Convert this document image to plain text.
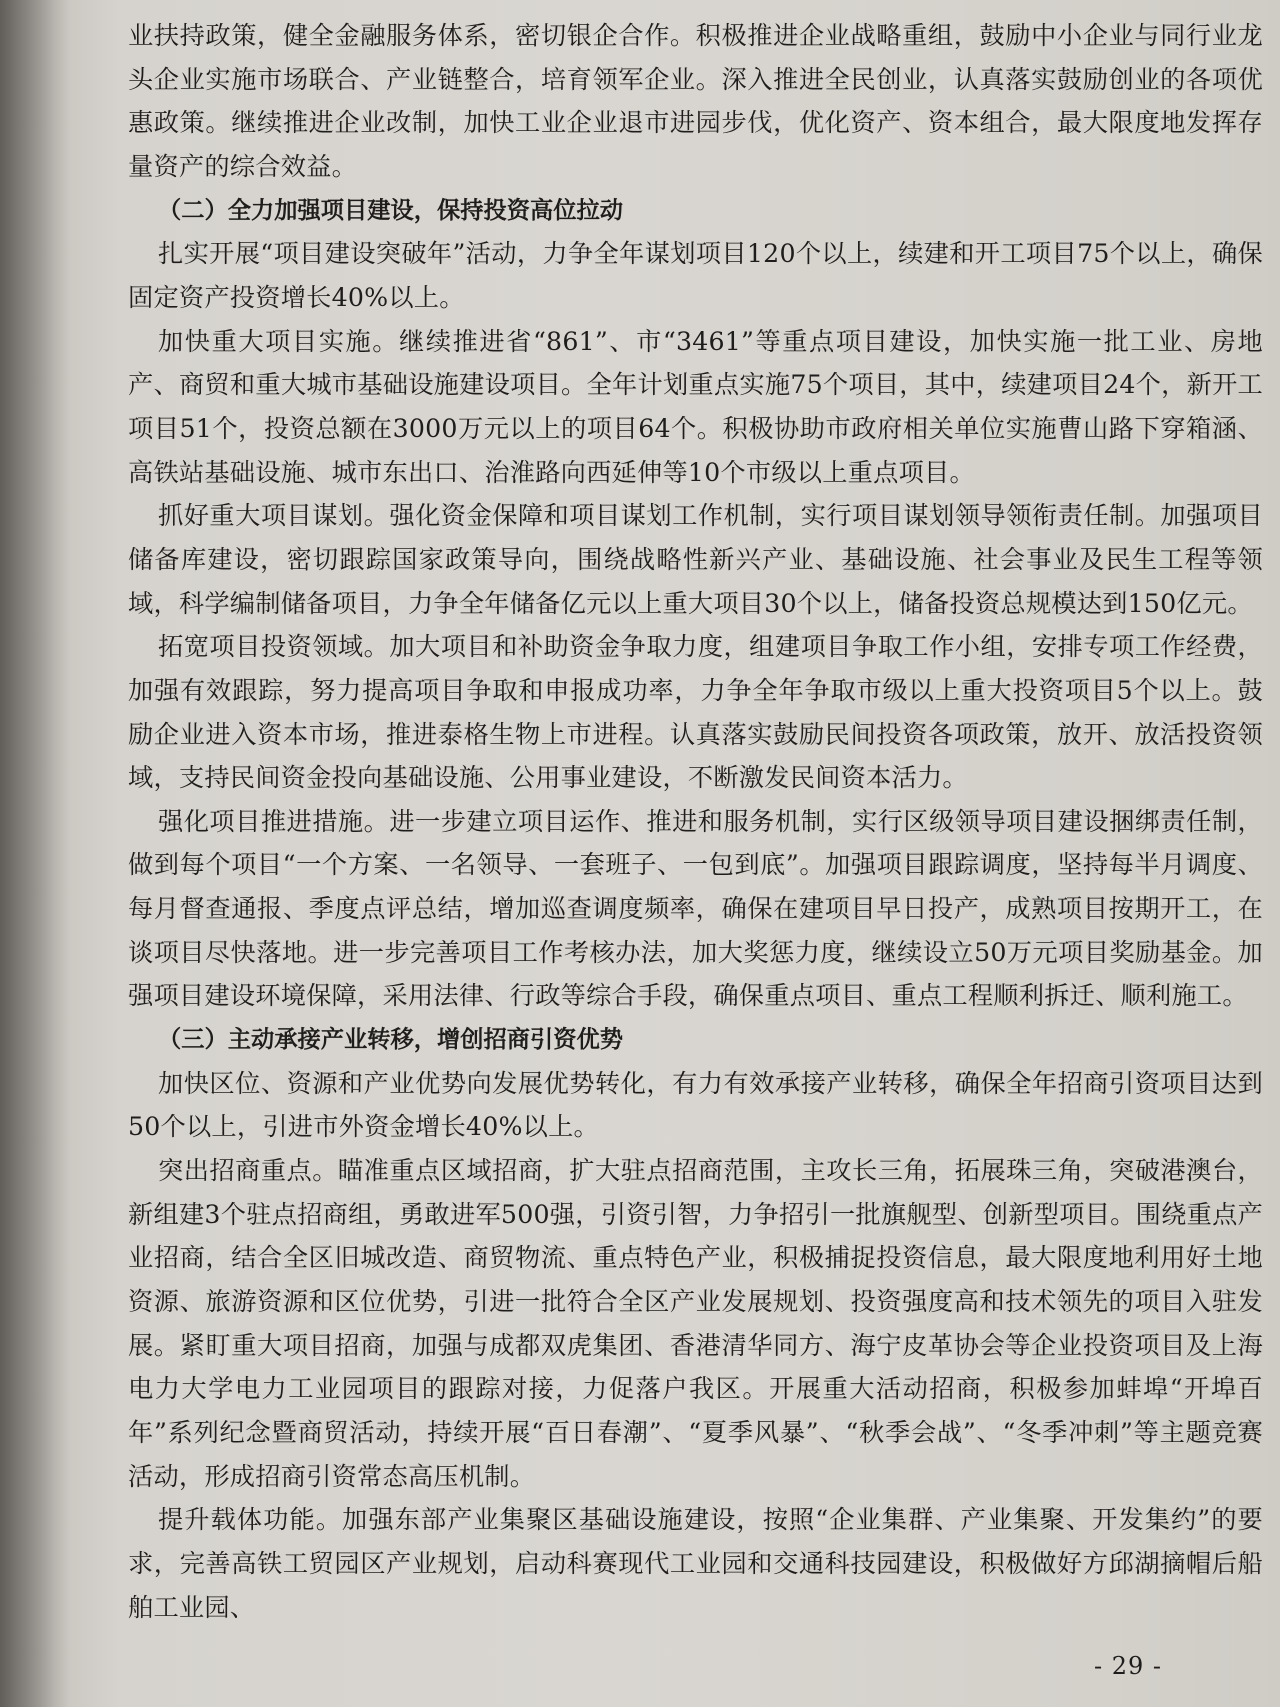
业扶持政策，健全金融服务体系，密切银企合作。积极推进企业战略重组，鼓励中小企业与同行业龙头企业实施市场联合、产业链整合，培育领军企业。深入推进全民创业，认真落实鼓励创业的各项优惠政策。继续推进企业改制，加快工业企业退市进园步伐，优化资产、资本组合，最大限度地发挥存量资产的综合效益。

（二）全力加强项目建设，保持投资高位拉动

扎实开展“项目建设突破年”活动，力争全年谋划项目120个以上，续建和开工项目75个以上，确保固定资产投资增长40%以上。

加快重大项目实施。继续推进省“861”、市“3461”等重点项目建设，加快实施一批工业、房地产、商贸和重大城市基础设施建设项目。全年计划重点实施75个项目，其中，续建项目24个，新开工项目51个，投资总额在3000万元以上的项目64个。积极协助市政府相关单位实施曹山路下穿箱涵、高铁站基础设施、城市东出口、治淮路向西延伸等10个市级以上重点项目。

抓好重大项目谋划。强化资金保障和项目谋划工作机制，实行项目谋划领导领衔责任制。加强项目储备库建设，密切跟踪国家政策导向，围绕战略性新兴产业、基础设施、社会事业及民生工程等领域，科学编制储备项目，力争全年储备亿元以上重大项目30个以上，储备投资总规模达到150亿元。

拓宽项目投资领域。加大项目和补助资金争取力度，组建项目争取工作小组，安排专项工作经费，加强有效跟踪，努力提高项目争取和申报成功率，力争全年争取市级以上重大投资项目5个以上。鼓励企业进入资本市场，推进泰格生物上市进程。认真落实鼓励民间投资各项政策，放开、放活投资领域，支持民间资金投向基础设施、公用事业建设，不断激发民间资本活力。

强化项目推进措施。进一步建立项目运作、推进和服务机制，实行区级领导项目建设捆绑责任制，做到每个项目“一个方案、一名领导、一套班子、一包到底”。加强项目跟踪调度，坚持每半月调度、每月督查通报、季度点评总结，增加巡查调度频率，确保在建项目早日投产，成熟项目按期开工，在谈项目尽快落地。进一步完善项目工作考核办法，加大奖惩力度，继续设立50万元项目奖励基金。加强项目建设环境保障，采用法律、行政等综合手段，确保重点项目、重点工程顺利拆迁、顺利施工。

（三）主动承接产业转移，增创招商引资优势

加快区位、资源和产业优势向发展优势转化，有力有效承接产业转移，确保全年招商引资项目达到50个以上，引进市外资金增长40%以上。

突出招商重点。瞄准重点区域招商，扩大驻点招商范围，主攻长三角，拓展珠三角，突破港澳台，新组建3个驻点招商组，勇敢进军500强，引资引智，力争招引一批旗舰型、创新型项目。围绕重点产业招商，结合全区旧城改造、商贸物流、重点特色产业，积极捕捉投资信息，最大限度地利用好土地资源、旅游资源和区位优势，引进一批符合全区产业发展规划、投资强度高和技术领先的项目入驻发展。紧盯重大项目招商，加强与成都双虎集团、香港清华同方、海宁皮革协会等企业投资项目及上海电力大学电力工业园项目的跟踪对接，力促落户我区。开展重大活动招商，积极参加蚌埠“开埠百年”系列纪念暨商贸活动，持续开展“百日春潮”、“夏季风暴”、“秋季会战”、“冬季冲刺”等主题竞赛活动，形成招商引资常态高压机制。

提升载体功能。加强东部产业集聚区基础设施建设，按照“企业集群、产业集聚、开发集约”的要求，完善高铁工贸园区产业规划，启动科赛现代工业园和交通科技园建设，积极做好方邱湖摘帽后船舶工业园、

- 29 -
